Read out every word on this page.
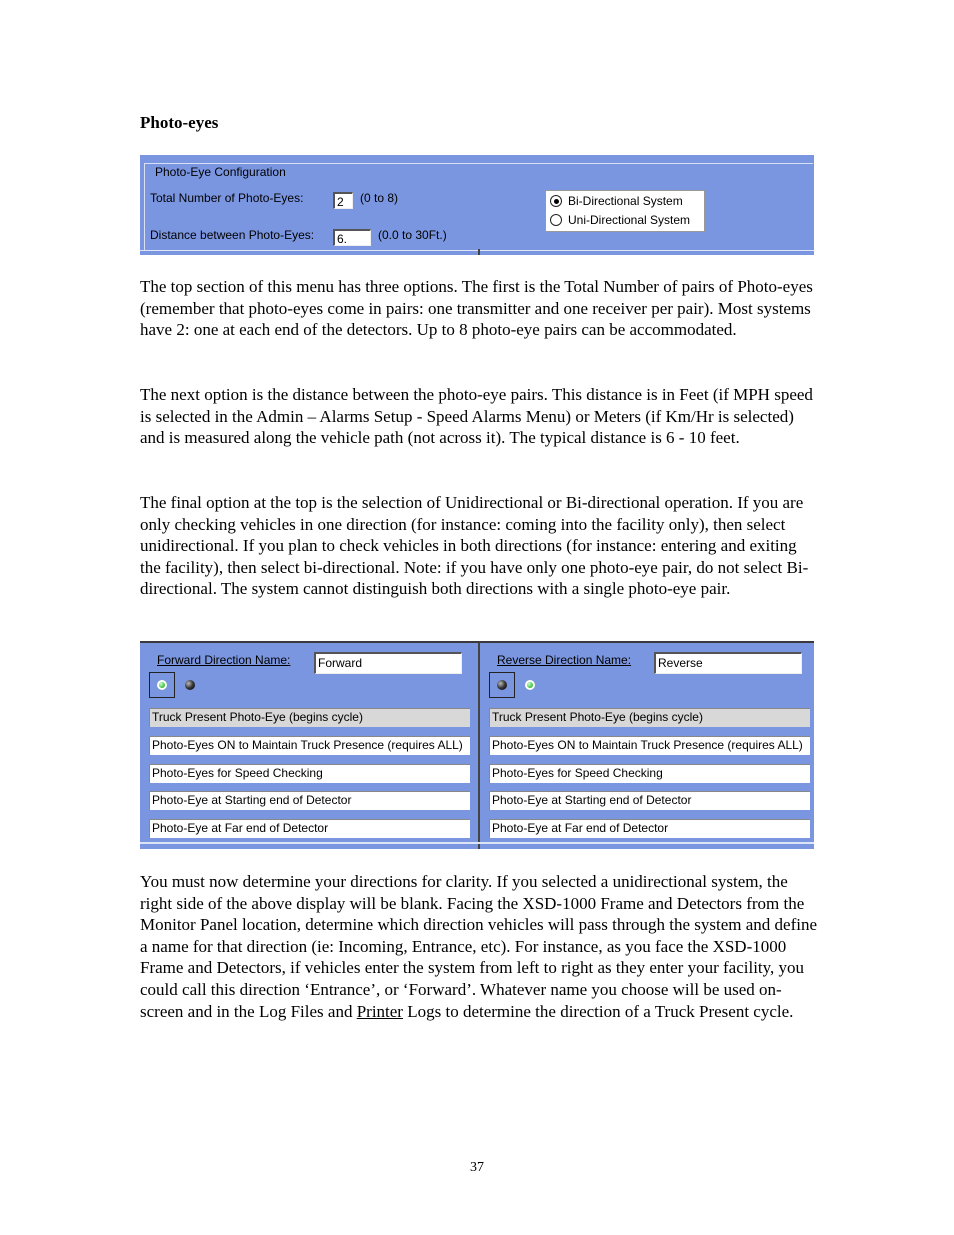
Photo-eyes
Photo-Eye Configuration
Total Number of Photo-Eyes:	2	(0 to 8)
Distance between Photo-Eyes:	6.	(0.0 to 30Ft.)
Bi-Directional System
Uni-Directional System

The top section of this menu has three options. The first is the Total Number of pairs of Photo-eyes (remember that photo-eyes come in pairs: one transmitter and one receiver per pair). Most systems have 2: one at each end of the detectors. Up to 8 photo-eye pairs can be accommodated.

The next option is the distance between the photo-eye pairs. This distance is in Feet (if MPH speed is selected in the Admin – Alarms Setup - Speed Alarms Menu) or Meters (if Km/Hr is selected) and is measured along the vehicle path (not across it). The typical distance is 6 - 10 feet.

The final option at the top is the selection of Unidirectional or Bi-directional operation. If you are only checking vehicles in one direction (for instance: coming into the facility only), then select unidirectional. If you plan to check vehicles in both directions (for instance: entering and exiting the facility), then select bi-directional. Note: if you have only one photo-eye pair, do not select Bi-directional. The system cannot distinguish both directions with a single photo-eye pair.

Forward Direction Name:	Forward
Truck Present Photo-Eye (begins cycle)
Photo-Eyes ON to Maintain Truck Presence (requires ALL)
Photo-Eyes for Speed Checking
Photo-Eye at Starting end of Detector
Photo-Eye at Far end of Detector
Reverse Direction Name:	Reverse
Truck Present Photo-Eye (begins cycle)
Photo-Eyes ON to Maintain Truck Presence (requires ALL)
Photo-Eyes for Speed Checking
Photo-Eye at Starting end of Detector
Photo-Eye at Far end of Detector

You must now determine your directions for clarity. If you selected a unidirectional system, the right side of the above display will be blank. Facing the XSD-1000 Frame and Detectors from the Monitor Panel location, determine which direction vehicles will pass through the system and define a name for that direction (ie: Incoming, Entrance, etc). For instance, as you face the XSD-1000 Frame and Detectors, if vehicles enter the system from left to right as they enter your facility, you could call this direction ‘Entrance’, or ‘Forward’. Whatever name you choose will be used on-screen and in the Log Files and Printer Logs to determine the direction of a Truck Present cycle.

37
